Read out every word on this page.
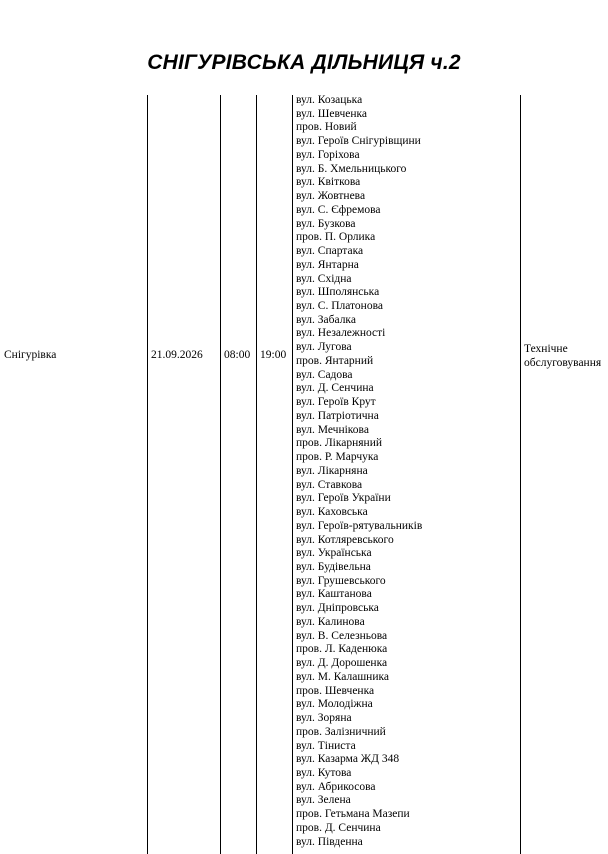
СНІГУРІВСЬКА ДІЛЬНИЦЯ ч.2
Снігурівка	21.09.2026 08:00 19:00	Технічне обслуговування
вул. Козацька
вул. Шевченка
пров. Новий
вул. Героїв Снігурівщини
вул. Горіхова
вул. Б. Хмельницького
вул. Квіткова
вул. Жовтнева
вул. С. Єфремова
вул. Бузкова
пров. П. Орлика
вул. Спартака
вул. Янтарна
вул. Східна
вул. Шполянська
вул. С. Платонова
вул. Забалка
вул. Незалежності
вул. Лугова
пров. Янтарний
вул. Садова
вул. Д. Сенчина
вул. Героїв Крут
вул. Патріотична
вул. Мечнікова
пров. Лікарняний
пров. Р. Марчука
вул. Лікарняна
вул. Ставкова
вул. Героїв України
вул. Каховська
вул. Героїв-рятувальників
вул. Котляревського
вул. Українська
вул. Будівельна
вул. Грушевського
вул. Каштанова
вул. Дніпровська
вул. Калинова
вул. В. Селезньова
пров. Л. Каденюка
вул. Д. Дорошенка
вул. М. Калашника
пров. Шевченка
вул. Молодіжна
вул. Зоряна
пров. Залізничний
вул. Тіниста
вул. Казарма ЖД 348
вул. Кутова
вул. Абрикосова
вул. Зелена
пров. Гетьмана Мазепи
пров. Д. Сенчина
вул. Південна
